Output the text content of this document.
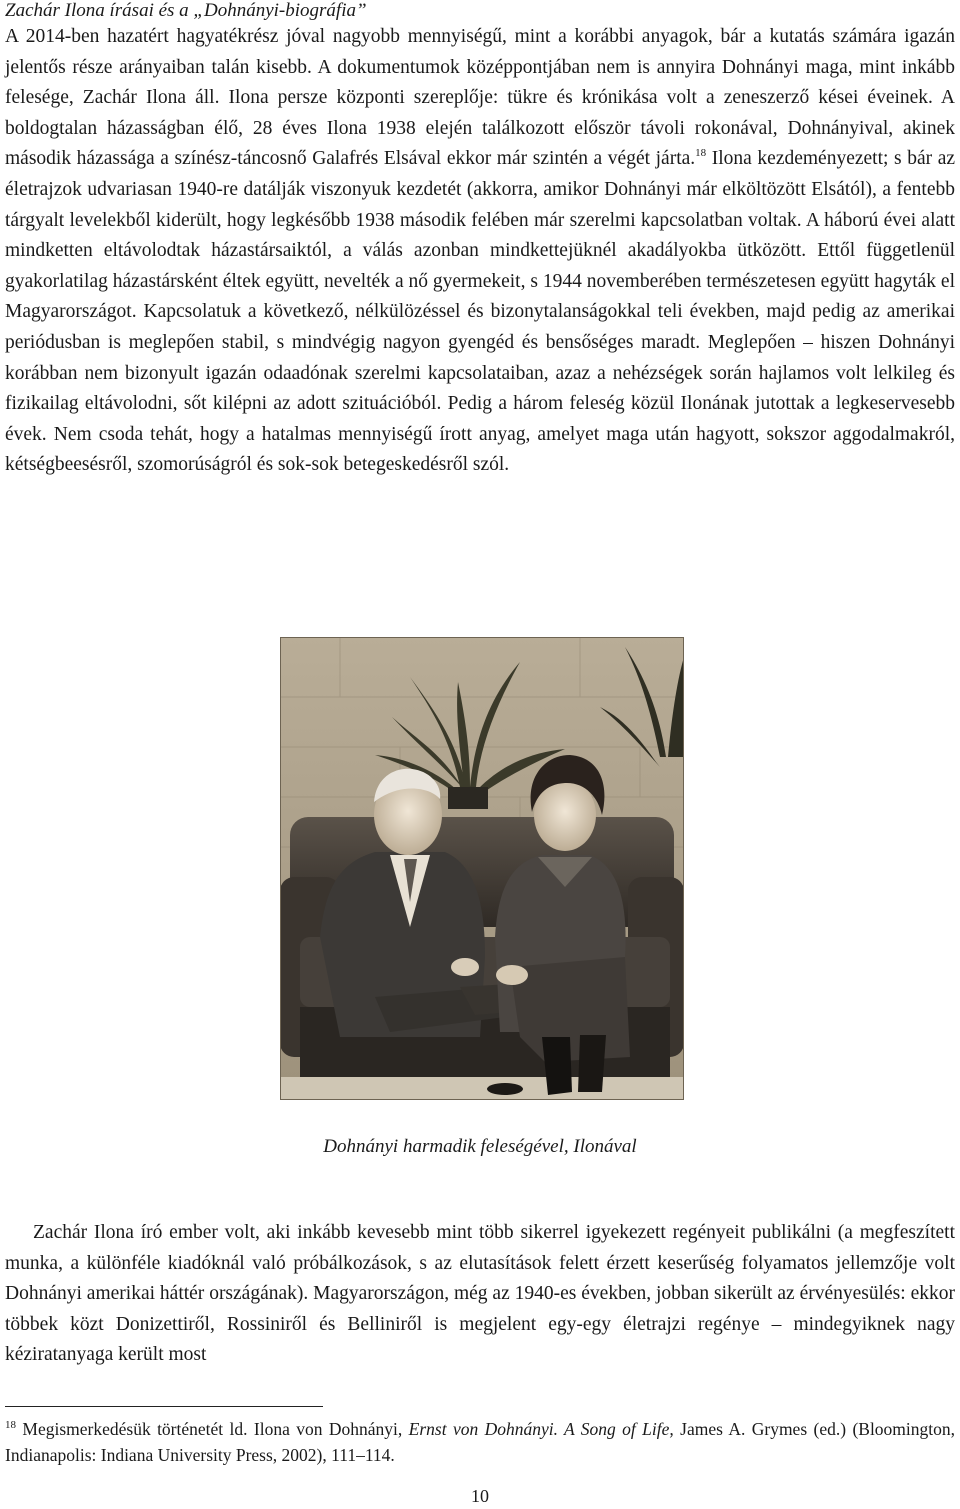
Zachár Ilona írásai és a „Dohnányi-biográfia”
A 2014-ben hazatért hagyatékrész jóval nagyobb mennyiségű, mint a korábbi anyagok, bár a kutatás számára igazán jelentős része arányaiban talán kisebb. A dokumentumok középpontjában nem is annyira Dohnányi maga, mint inkább felesége, Zachár Ilona áll. Ilona persze központi szereplője: tükre és krónikása volt a zeneszerző kései éveinek. A boldogtalan házasságban élő, 28 éves Ilona 1938 elején találkozott először távoli rokonával, Dohnányival, akinek második házassága a színész-táncosnő Galafrés Elsával ekkor már szintén a végét járta.$^{18}$ Ilona kezdeményezett; s bár az életrajzok udvariasan 1940-re datálják viszonyuk kezdetét (akkorra, amikor Dohnányi már elköltözött Elsától), a fentebb tárgyalt levelekből kiderült, hogy legkésőbb 1938 második felében már szerelmi kapcsolatban voltak. A háború évei alatt mindketten eltávolodtak házastársaiktól, a válás azonban mindkettejüknél akadályokba ütközött. Ettől függetlenül gyakorlatilag házastársként éltek együtt, nevelték a nő gyermekeit, s 1944 novemberében természetesen együtt hagyták el Magyarországot. Kapcsolatuk a következő, nélkülözéssel és bizonytalanságokkal teli években, majd pedig az amerikai periódusban is meglepően stabil, s mindvégig nagyon gyengéd és bensőséges maradt. Meglepően – hiszen Dohnányi korábban nem bizonyult igazán odaadónak szerelmi kapcsolataiban, azaz a nehézségek során hajlamos volt lelkileg és fizikailag eltávolodni, sőt kilépni az adott szituációból. Pedig a három feleség közül Ilonának jutottak a legkeservesebb évek. Nem csoda tehát, hogy a hatalmas mennyiségű írott anyag, amelyet maga után hagyott, sokszor aggodalmakról, kétségbeesésről, szomorúságról és sok-sok betegeskedésről szól.
Dohnányi harmadik feleségével, Ilonával
Zachár Ilona író ember volt, aki inkább kevesebb mint több sikerrel igyekezett regényeit publikálni (a megfeszített munka, a különféle kiadóknál való próbálkozások, s az elutasítások felett érzett keserűség folyamatos jellemzője volt Dohnányi amerikai háttér országának). Magyarországon, még az 1940-es években, jobban sikerült az érvényesülés: ekkor többek közt Donizettiről, Rossiniről és Belliniről is megjelent egy-egy életrajzi regénye – mindegyiknek nagy kéziratanyaga került most
$^{18}$ Megismerkedésük történetét ld. Ilona von Dohnányi, Ernst von Dohnányi. A Song of Life, James A. Grymes (ed.) (Bloomington, Indianapolis: Indiana University Press, 2002), 111–114.
10
